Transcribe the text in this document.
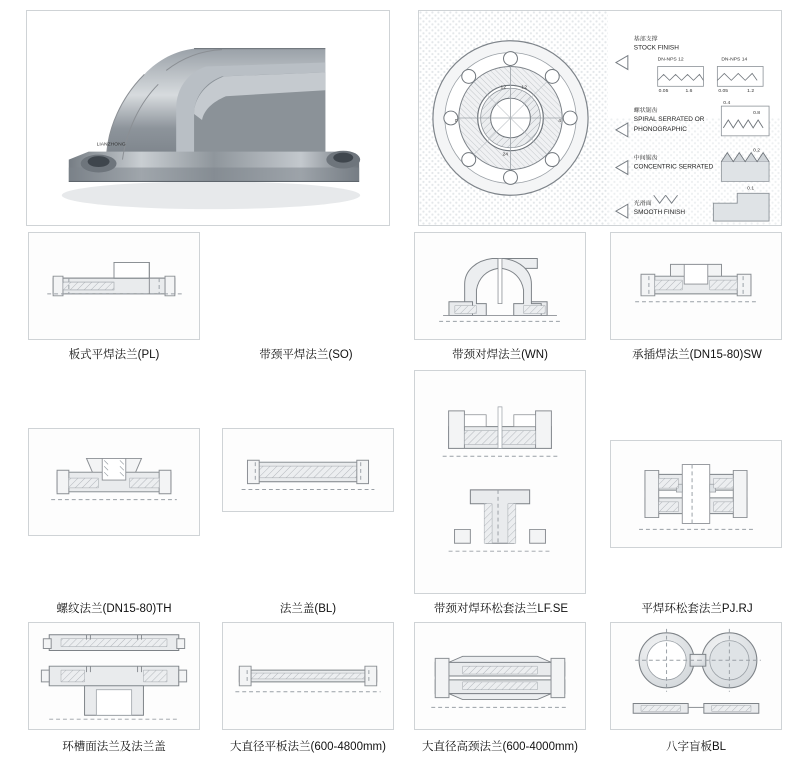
LIANZHONG
12	12
0	4
24
基部支撑
STOCK FINISH
DN-NPS 12	DN-NPS 14
0.05	1.6	0.05	1.2
螺状锯齿
SPIRAL SERRATED OR
PHONOGRAPHIC
0.8
0.4
中间锯齿
CONCENTRIC SERRATED
0.2
光滑面
SMOOTH FINISH
0.1
板式平焊法兰(PL)	带颈平焊法兰(SO)	带颈对焊法兰(WN)	承插焊法兰(DN15-80)SW
螺纹法兰(DN15-80)TH	法兰盖(BL)	带颈对焊环松套法兰LF.SE	平焊环松套法兰PJ.RJ
环槽面法兰及法兰盖	大直径平板法兰(600-4800mm)	大直径高颈法兰(600-4000mm)	八字盲板BL
